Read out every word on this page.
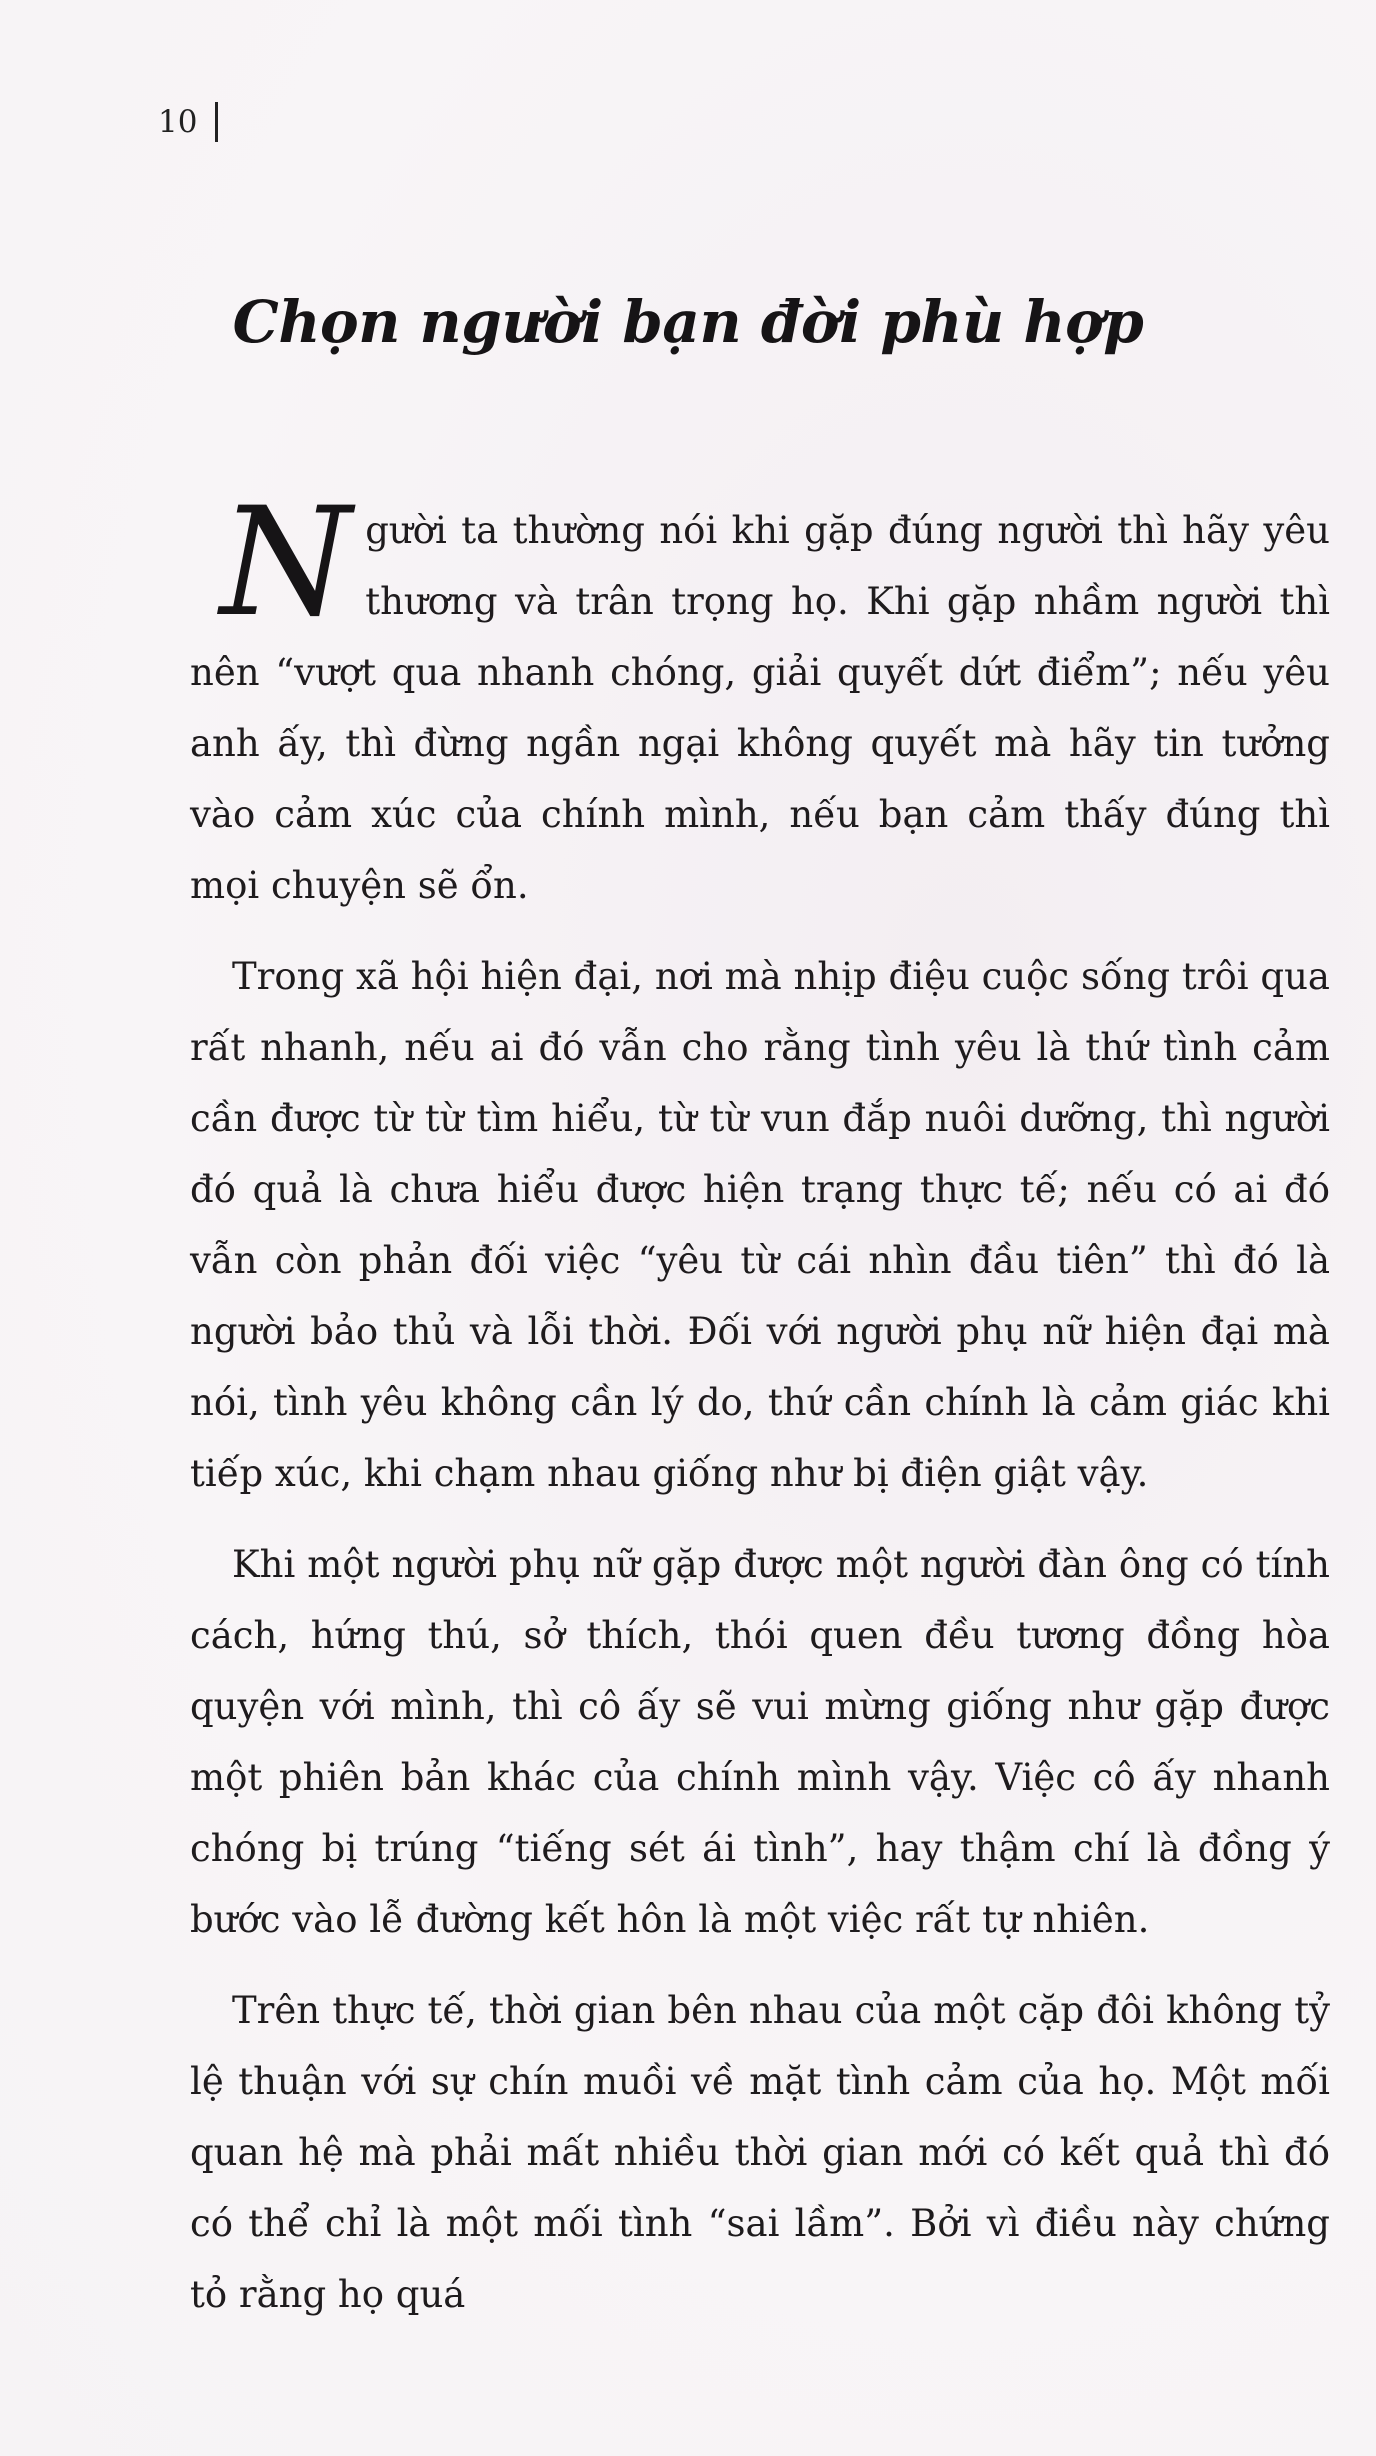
10
Chọn người bạn đời phù hợp

Người ta thường nói khi gặp đúng người thì hãy yêu thương và trân trọng họ. Khi gặp nhầm người thì nên “vượt qua nhanh chóng, giải quyết dứt điểm”; nếu yêu anh ấy, thì đừng ngần ngại không quyết mà hãy tin tưởng vào cảm xúc của chính mình, nếu bạn cảm thấy đúng thì mọi chuyện sẽ ổn.

Trong xã hội hiện đại, nơi mà nhịp điệu cuộc sống trôi qua rất nhanh, nếu ai đó vẫn cho rằng tình yêu là thứ tình cảm cần được từ từ tìm hiểu, từ từ vun đắp nuôi dưỡng, thì người đó quả là chưa hiểu được hiện trạng thực tế; nếu có ai đó vẫn còn phản đối việc “yêu từ cái nhìn đầu tiên” thì đó là người bảo thủ và lỗi thời. Đối với người phụ nữ hiện đại mà nói, tình yêu không cần lý do, thứ cần chính là cảm giác khi tiếp xúc, khi chạm nhau giống như bị điện giật vậy.

Khi một người phụ nữ gặp được một người đàn ông có tính cách, hứng thú, sở thích, thói quen đều tương đồng hòa quyện với mình, thì cô ấy sẽ vui mừng giống như gặp được một phiên bản khác của chính mình vậy. Việc cô ấy nhanh chóng bị trúng “tiếng sét ái tình”, hay thậm chí là đồng ý bước vào lễ đường kết hôn là một việc rất tự nhiên.

Trên thực tế, thời gian bên nhau của một cặp đôi không tỷ lệ thuận với sự chín muồi về mặt tình cảm của họ. Một mối quan hệ mà phải mất nhiều thời gian mới có kết quả thì đó có thể chỉ là một mối tình “sai lầm”. Bởi vì điều này chứng tỏ rằng họ quá
